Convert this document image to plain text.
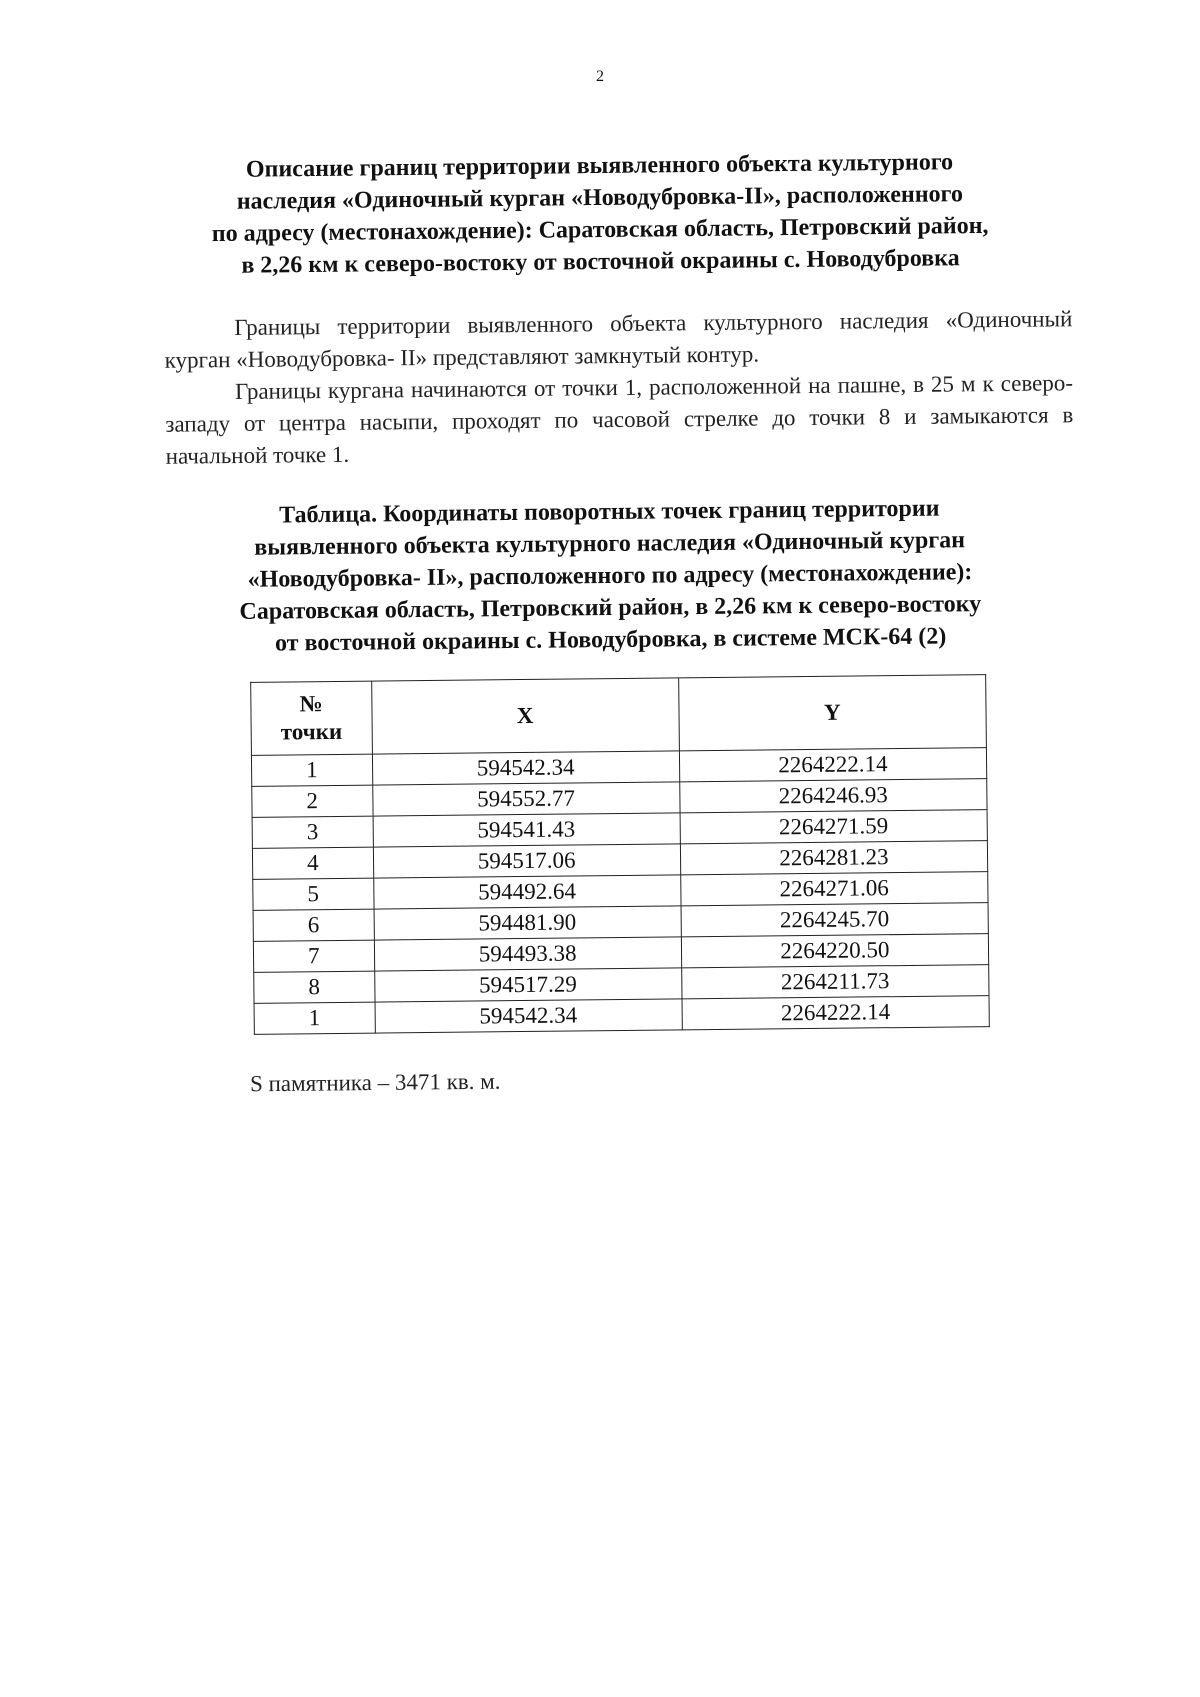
2
Описание границ территории выявленного объекта культурного
наследия «Одиночный курган «Новодубровка-II», расположенного
по адресу (местонахождение): Саратовская область, Петровский район,
в 2,26 км к северо-востоку от восточной окраины с. Новодубровка

Границы территории выявленного объекта культурного наследия «Одиночный курган «Новодубровка- II» представляют замкнутый контур.

Границы кургана начинаются от точки 1, расположенной на пашне, в 25 м к северо-западу от центра насыпи, проходят по часовой стрелке до точки 8 и замыкаются в начальной точке 1.

Таблица. Координаты поворотных точек границ территории
выявленного объекта культурного наследия «Одиночный курган
«Новодубровка- II», расположенного по адресу (местонахождение):
Саратовская область, Петровский район, в 2,26 км к северо-востоку
от восточной окраины с. Новодубровка, в системе МСК-64 (2)
№
точки	X	Y
1	594542.34	2264222.14
2	594552.77	2264246.93
3	594541.43	2264271.59
4	594517.06	2264281.23
5	594492.64	2264271.06
6	594481.90	2264245.70
7	594493.38	2264220.50
8	594517.29	2264211.73
1	594542.34	2264222.14
S памятника – 3471 кв. м.
